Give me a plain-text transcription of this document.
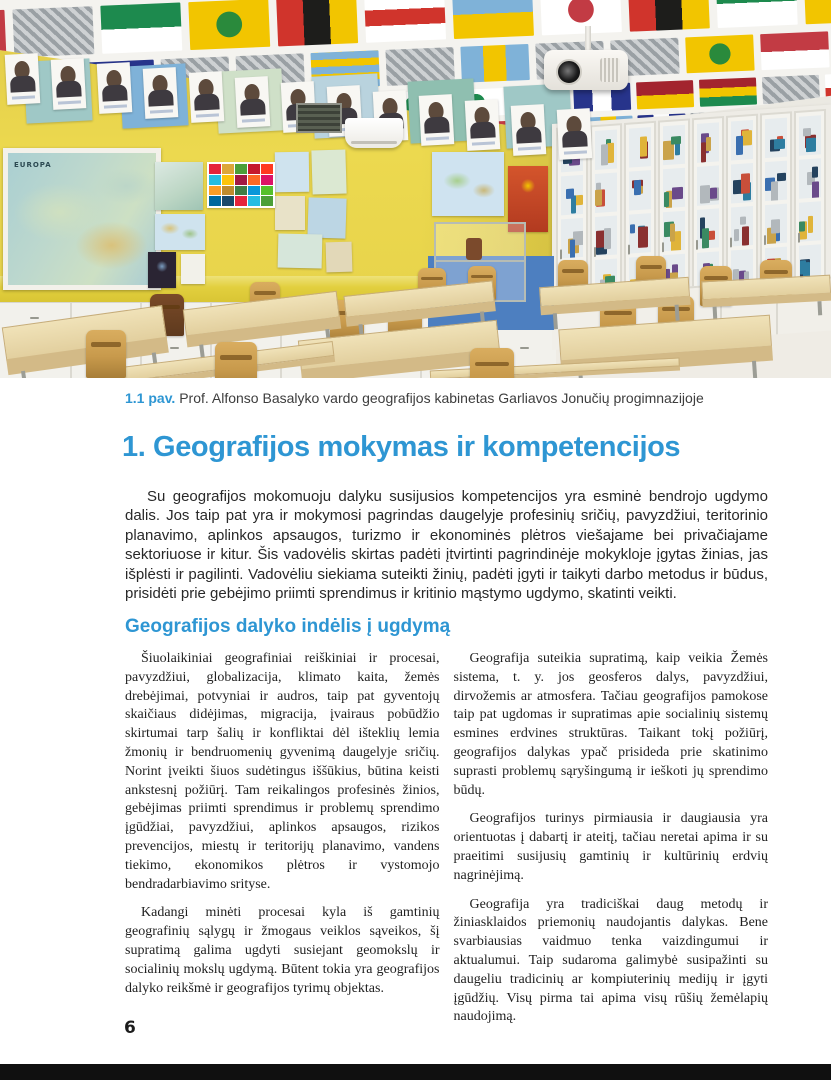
EUROPA

1.1 pav. Prof. Alfonso Basalyko vardo geografijos kabinetas Garliavos Jonučių progimnazijoje

1. Geografijos mokymas ir kompetencijos

Su geografijos mokomuoju dalyku susijusios kompetencijos yra esminė bendrojo ugdymo dalis. Jos taip pat yra ir mokymosi pagrindas daugelyje profesinių sričių, pavyzdžiui, teritorinio planavimo, aplinkos apsaugos, turizmo ir ekonominės plėtros viešajame bei privačiajame sektoriuose ir kitur. Šis vadovėlis skirtas padėti įtvirtinti pagrindinėje mokykloje įgytas žinias, jas išplėsti ir pagilinti. Vadovėliu siekiama suteikti žinių, padėti įgyti ir taikyti darbo metodus ir būdus, prisidėti prie gebėjimo priimti sprendimus ir kritinio mąstymo ugdymo, skatinti veikti.

Geografijos dalyko indėlis į ugdymą

Šiuolaikiniai geografiniai reiškiniai ir procesai, pavyzdžiui, globalizacija, klimato kaita, žemės drebėjimai, potvyniai ir audros, taip pat gyventojų skaičiaus didėjimas, migracija, įvairaus pobūdžio skirtumai tarp šalių ir konfliktai dėl išteklių lemia žmonių ir bendruomenių gyvenimą daugelyje sričių. Norint įveikti šiuos sudėtingus iššūkius, būtina keisti ankstesnį požiūrį. Tam reikalingos profesinės žinios, gebėjimas priimti sprendimus ir problemų sprendimo įgūdžiai, pavyzdžiui, aplinkos apsaugos, rizikos prevencijos, miestų ir teritorijų planavimo, vandens tiekimo, ekonomikos plėtros ir vystomojo bendradarbiavimo srityse.

Kadangi minėti procesai kyla iš gamtinių geografinių sąlygų ir žmogaus veiklos sąveikos, šį supratimą galima ugdyti susiejant geomokslų ir socialinių mokslų ugdymą. Būtent tokia yra geografijos dalyko reikšmė ir geografijos tyrimų objektas.

Geografija suteikia supratimą, kaip veikia Žemės sistema, t. y. jos geosferos dalys, pavyzdžiui, dirvožemis ar atmosfera. Tačiau geografijos pamokose taip pat ugdomas ir supratimas apie socialinių sistemų esmines erdvines struktūras. Taikant tokį požiūrį, geografijos dalykas ypač prisideda prie skatinimo suprasti problemų sąryšingumą ir ieškoti jų sprendimo būdų.

Geografijos turinys pirmiausia ir daugiausia yra orientuotas į dabartį ir ateitį, tačiau neretai apima ir su praeitimi susijusių gamtinių ir kultūrinių erdvių nagrinėjimą.

Geografija yra tradiciškai daug metodų ir žiniasklaidos priemonių naudojantis dalykas. Bene svarbiausias vaidmuo tenka vaizdingumui ir aktualumui. Taip sudaroma galimybė susipažinti su daugeliu tradicinių ar kompiuterinių medijų ir įgyti įgūdžių. Visų pirma tai apima visų rūšių žemėlapių naudojimą.

6
